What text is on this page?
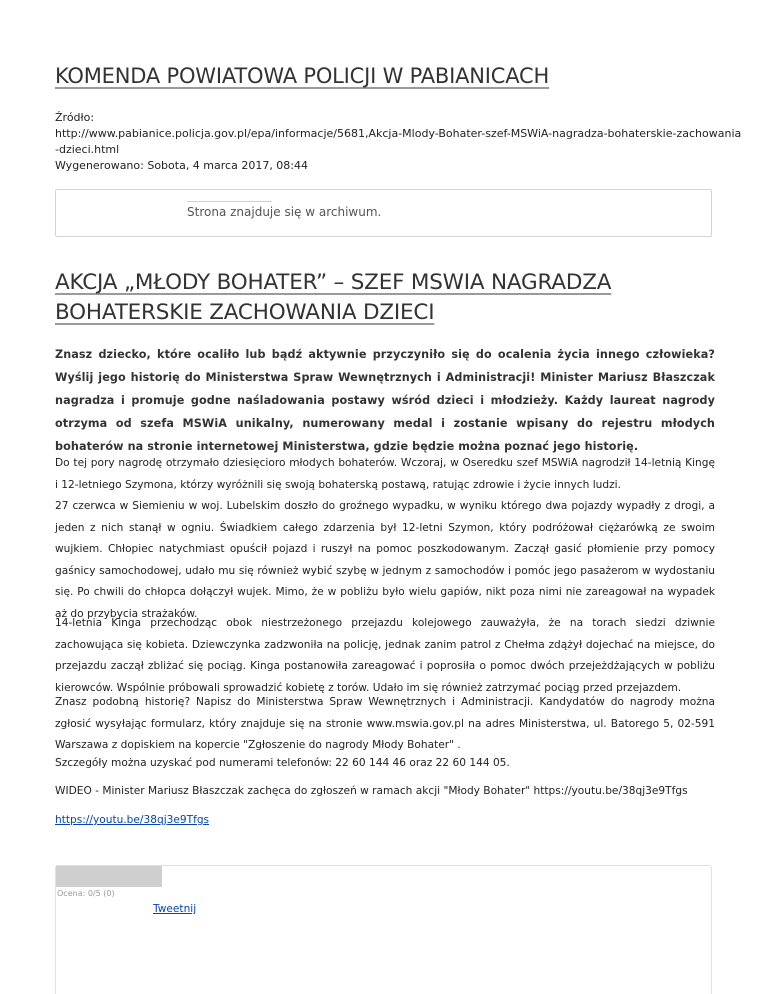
KOMENDA POWIATOWA POLICJI W PABIANICACH
Źródło:
http://www.pabianice.policja.gov.pl/epa/informacje/5681,Akcja-Mlody-Bohater-szef-MSWiA-nagradza-bohaterskie-zachowania
-dzieci.html
Wygenerowano: Sobota, 4 marca 2017, 08:44
Strona znajduje się w archiwum.
AKCJA „MŁODY BOHATER” – SZEF MSWIA NAGRADZA BOHATERSKIE ZACHOWANIA DZIECI

Znasz dziecko, które ocaliło lub bądź aktywnie przyczyniło się do ocalenia życia innego człowieka? Wyślij jego historię do Ministerstwa Spraw Wewnętrznych i Administracji! Minister Mariusz Błaszczak nagradza i promuje godne naśladowania postawy wśród dzieci i młodzieży. Każdy laureat nagrody otrzyma od szefa MSWiA unikalny, numerowany medal i zostanie wpisany do rejestru młodych bohaterów na stronie internetowej Ministerstwa, gdzie będzie można poznać jego historię.

Do tej pory nagrodę otrzymało dziesięcioro młodych bohaterów. Wczoraj, w Oseredku szef MSWiA nagrodził 14-letnią Kingę i 12-letniego Szymona, którzy wyróżnili się swoją bohaterską postawą, ratując zdrowie i życie innych ludzi.

27 czerwca w Siemieniu w woj. Lubelskim doszło do groźnego wypadku, w wyniku którego dwa pojazdy wypadły z drogi, a jeden z nich stanął w ogniu. Świadkiem całego zdarzenia był 12-letni Szymon, który podróżował ciężarówką ze swoim wujkiem. Chłopiec natychmiast opuścił pojazd i ruszył na pomoc poszkodowanym. Zaczął gasić płomienie przy pomocy gaśnicy samochodowej, udało mu się również wybić szybę w jednym z samochodów i pomóc jego pasażerom w wydostaniu się. Po chwili do chłopca dołączył wujek. Mimo, że w pobliżu było wielu gapiów, nikt poza nimi nie zareagował na wypadek aż do przybycia strażaków.

14-letnia Kinga przechodząc obok niestrzeżonego przejazdu kolejowego zauważyła, że na torach siedzi dziwnie zachowująca się kobieta. Dziewczynka zadzwoniła na policję, jednak zanim patrol z Chełma zdążył dojechać na miejsce, do przejazdu zaczął zbliżać się pociąg. Kinga postanowiła zareagować i poprosiła o pomoc dwóch przejeżdżających w pobliżu kierowców. Wspólnie próbowali sprowadzić kobietę z torów. Udało im się również zatrzymać pociąg przed przejazdem.

Znasz podobną historię? Napisz do Ministerstwa Spraw Wewnętrznych i Administracji. Kandydatów do nagrody można zgłosić wysyłając formularz, który znajduje się na stronie www.mswia.gov.pl na adres Ministerstwa, ul. Batorego 5, 02-591 Warszawa z dopiskiem na kopercie "Zgłoszenie do nagrody Młody Bohater" .

Szczegóły można uzyskać pod numerami telefonów: 22 60 144 46 oraz 22 60 144 05.

WIDEO - Minister Mariusz Błaszczak zachęca do zgłoszeń w ramach akcji "Młody Bohater" https://youtu.be/38qj3e9Tfgs

https://youtu.be/38qj3e9Tfgs
Ocena: 0/5 (0)
Tweetnij
